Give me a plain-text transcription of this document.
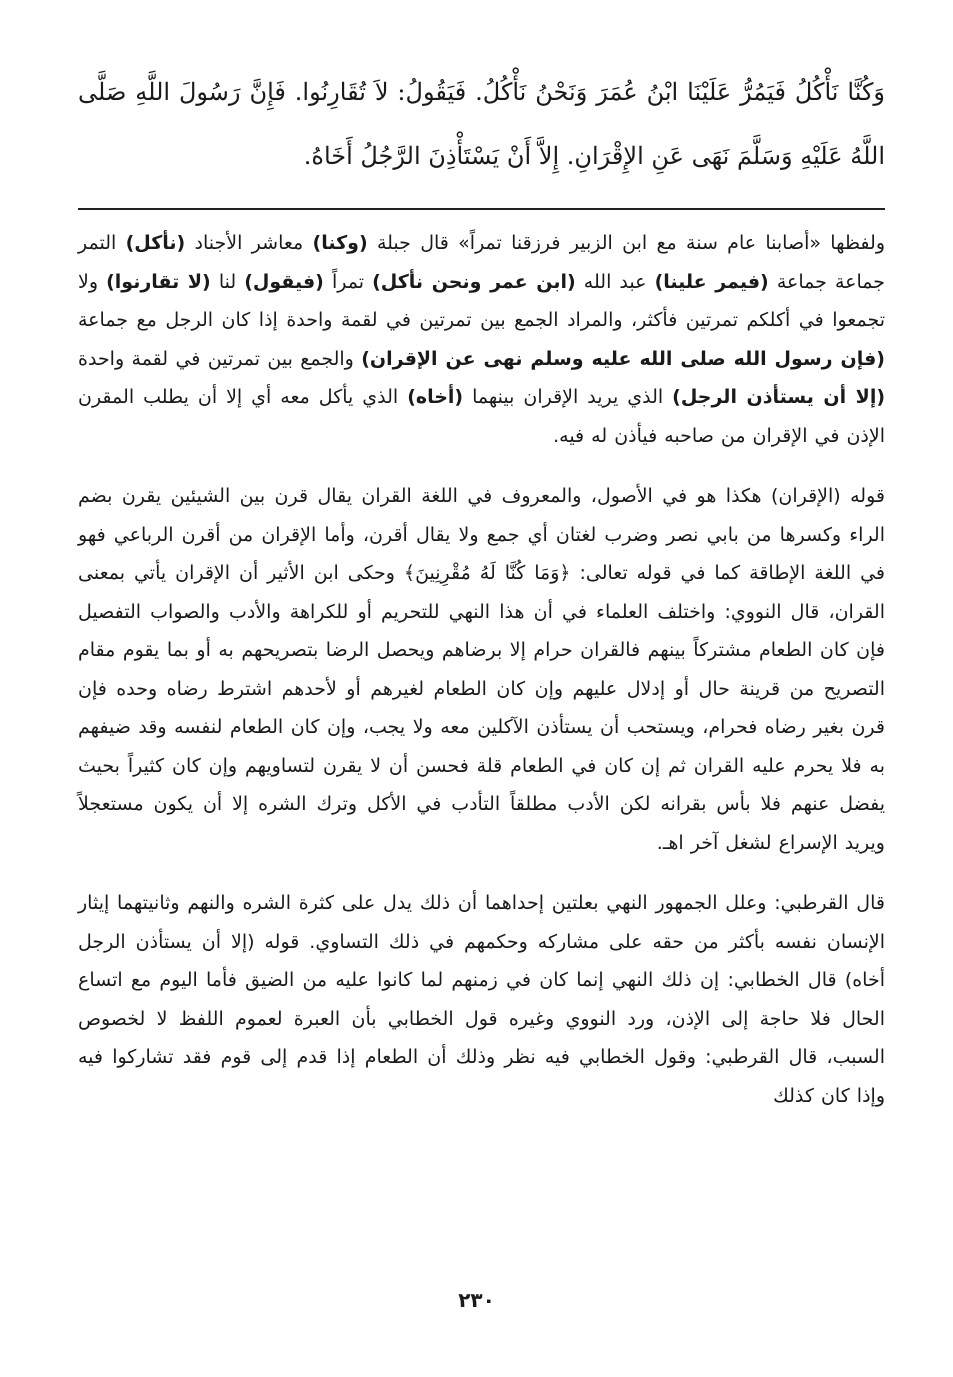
وَكُنَّا نَأْكُلُ فَيَمُرُّ عَلَيْنَا ابْنُ عُمَرَ وَنَحْنُ نَأْكُلُ. فَيَقُولُ: لاَ تُقَارِنُوا. فَإِنَّ رَسُولَ اللَّهِ صَلَّى اللَّهُ عَلَيْهِ وَسَلَّمَ نَهَى عَنِ الإِقْرَانِ. إِلاَّ أَنْ يَسْتَأْذِنَ الرَّجُلُ أَخَاهُ.

ولفظها «أصابنا عام سنة مع ابن الزبير فرزقنا تمراً» قال جبلة (وكنا) معاشر الأجناد (نأكل) التمر جماعة جماعة (فيمر علينا) عبد الله (ابن عمر ونحن نأكل) تمراً (فيقول) لنا (لا تقارنوا) ولا تجمعوا في أكلكم تمرتين فأكثر، والمراد الجمع بين تمرتين في لقمة واحدة إذا كان الرجل مع جماعة (فإن رسول الله صلى الله عليه وسلم نهى عن الإقران) والجمع بين تمرتين في لقمة واحدة (إلا أن يستأذن الرجل) الذي يريد الإقران بينهما (أخاه) الذي يأكل معه أي إلا أن يطلب المقرن الإذن في الإقران من صاحبه فيأذن له فيه.

قوله (الإقران) هكذا هو في الأصول، والمعروف في اللغة القران يقال قرن بين الشيئين يقرن بضم الراء وكسرها من بابي نصر وضرب لغتان أي جمع ولا يقال أقرن، وأما الإقران من أقرن الرباعي فهو في اللغة الإطاقة كما في قوله تعالى: ﴿وَمَا كُنَّا لَهُ مُقْرِنِينَ﴾ وحكى ابن الأثير أن الإقران يأتي بمعنى القران، قال النووي: واختلف العلماء في أن هذا النهي للتحريم أو للكراهة والأدب والصواب التفصيل فإن كان الطعام مشتركاً بينهم فالقران حرام إلا برضاهم ويحصل الرضا بتصريحهم به أو بما يقوم مقام التصريح من قرينة حال أو إدلال عليهم وإن كان الطعام لغيرهم أو لأحدهم اشترط رضاه وحده فإن قرن بغير رضاه فحرام، ويستحب أن يستأذن الآكلين معه ولا يجب، وإن كان الطعام لنفسه وقد ضيفهم به فلا يحرم عليه القران ثم إن كان في الطعام قلة فحسن أن لا يقرن لتساويهم وإن كان كثيراً بحيث يفضل عنهم فلا بأس بقرانه لكن الأدب مطلقاً التأدب في الأكل وترك الشره إلا أن يكون مستعجلاً ويريد الإسراع لشغل آخر اهـ.

قال القرطبي: وعلل الجمهور النهي بعلتين إحداهما أن ذلك يدل على كثرة الشره والنهم وثانيتهما إيثار الإنسان نفسه بأكثر من حقه على مشاركه وحكمهم في ذلك التساوي. قوله (إلا أن يستأذن الرجل أخاه) قال الخطابي: إن ذلك النهي إنما كان في زمنهم لما كانوا عليه من الضيق فأما اليوم مع اتساع الحال فلا حاجة إلى الإذن، ورد النووي وغيره قول الخطابي بأن العبرة لعموم اللفظ لا لخصوص السبب، قال القرطبي: وقول الخطابي فيه نظر وذلك أن الطعام إذا قدم إلى قوم فقد تشاركوا فيه وإذا كان كذلك

٢٣٠
